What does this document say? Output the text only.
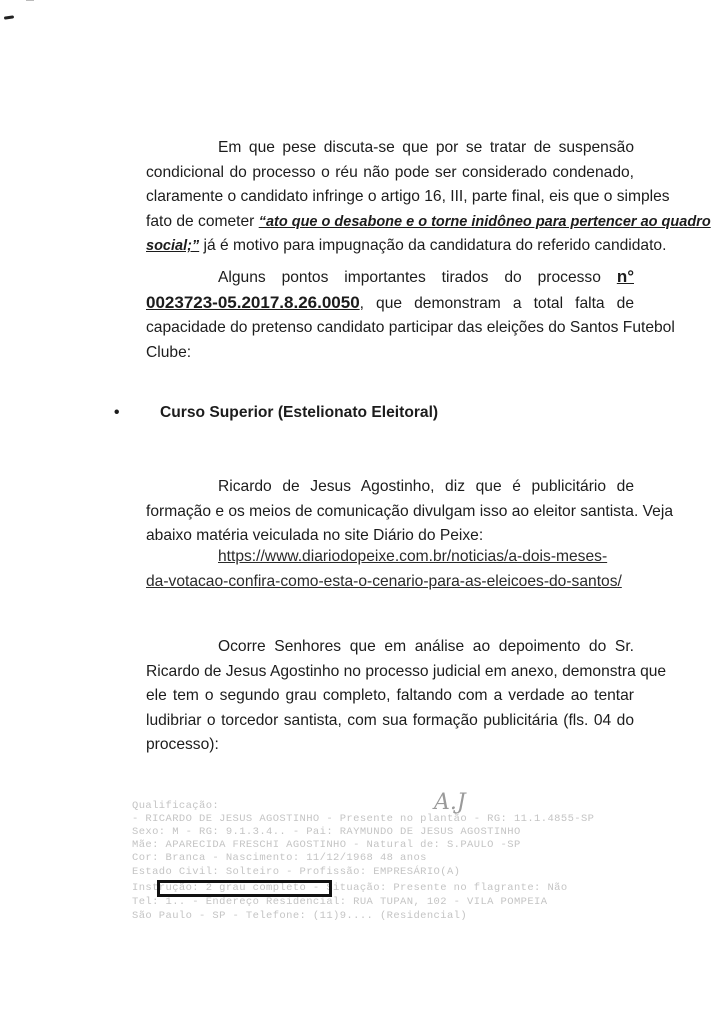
Em que pese discuta-se que por se tratar de suspensão
condicional do processo o réu não pode ser considerado condenado,
claramente o candidato infringe o artigo 16, III, parte final, eis que o simples
fato de cometer “ato que o desabone e o torne inidôneo para pertencer ao quadro
social;” já é motivo para impugnação da candidatura do referido candidato.
Alguns pontos importantes tirados do processo n°
0023723-05.2017.8.26.0050, que demonstram a total falta de
capacidade do pretenso candidato participar das eleições do Santos Futebol
Clube:
•	Curso Superior (Estelionato Eleitoral)
Ricardo de Jesus Agostinho, diz que é publicitário de
formação e os meios de comunicação divulgam isso ao eleitor santista. Veja
abaixo matéria veiculada no site Diário do Peixe:
https://www.diariodopeixe.com.br/noticias/a-dois-meses-
da-votacao-confira-como-esta-o-cenario-para-as-eleicoes-do-santos/
Ocorre Senhores que em análise ao depoimento do Sr.
Ricardo de Jesus Agostinho no processo judicial em anexo, demonstra que
ele tem o segundo grau completo, faltando com a verdade ao tentar
ludibriar o torcedor santista, com sua formação publicitária (fls. 04 do
processo):
A.J
Qualificação:
- RICARDO DE JESUS AGOSTINHO - Presente no plantão - RG: 11.1.4855-SP
Sexo: M - RG: 9.1.3.4.. - Pai: RAYMUNDO DE JESUS AGOSTINHO
Mãe: APARECIDA FRESCHI AGOSTINHO - Natural de: S.PAULO -SP
Cor: Branca - Nascimento: 11/12/1968 48 anos
Estado Civil: Solteiro - Profissão: EMPRESÁRIO(A)
Instrução: 2 grau completo - Situação: Presente no flagrante: Não
Tel: 1.. - Endereço Residencial: RUA TUPAN, 102 - VILA POMPEIA
São Paulo - SP - Telefone: (11)9.... (Residencial)
